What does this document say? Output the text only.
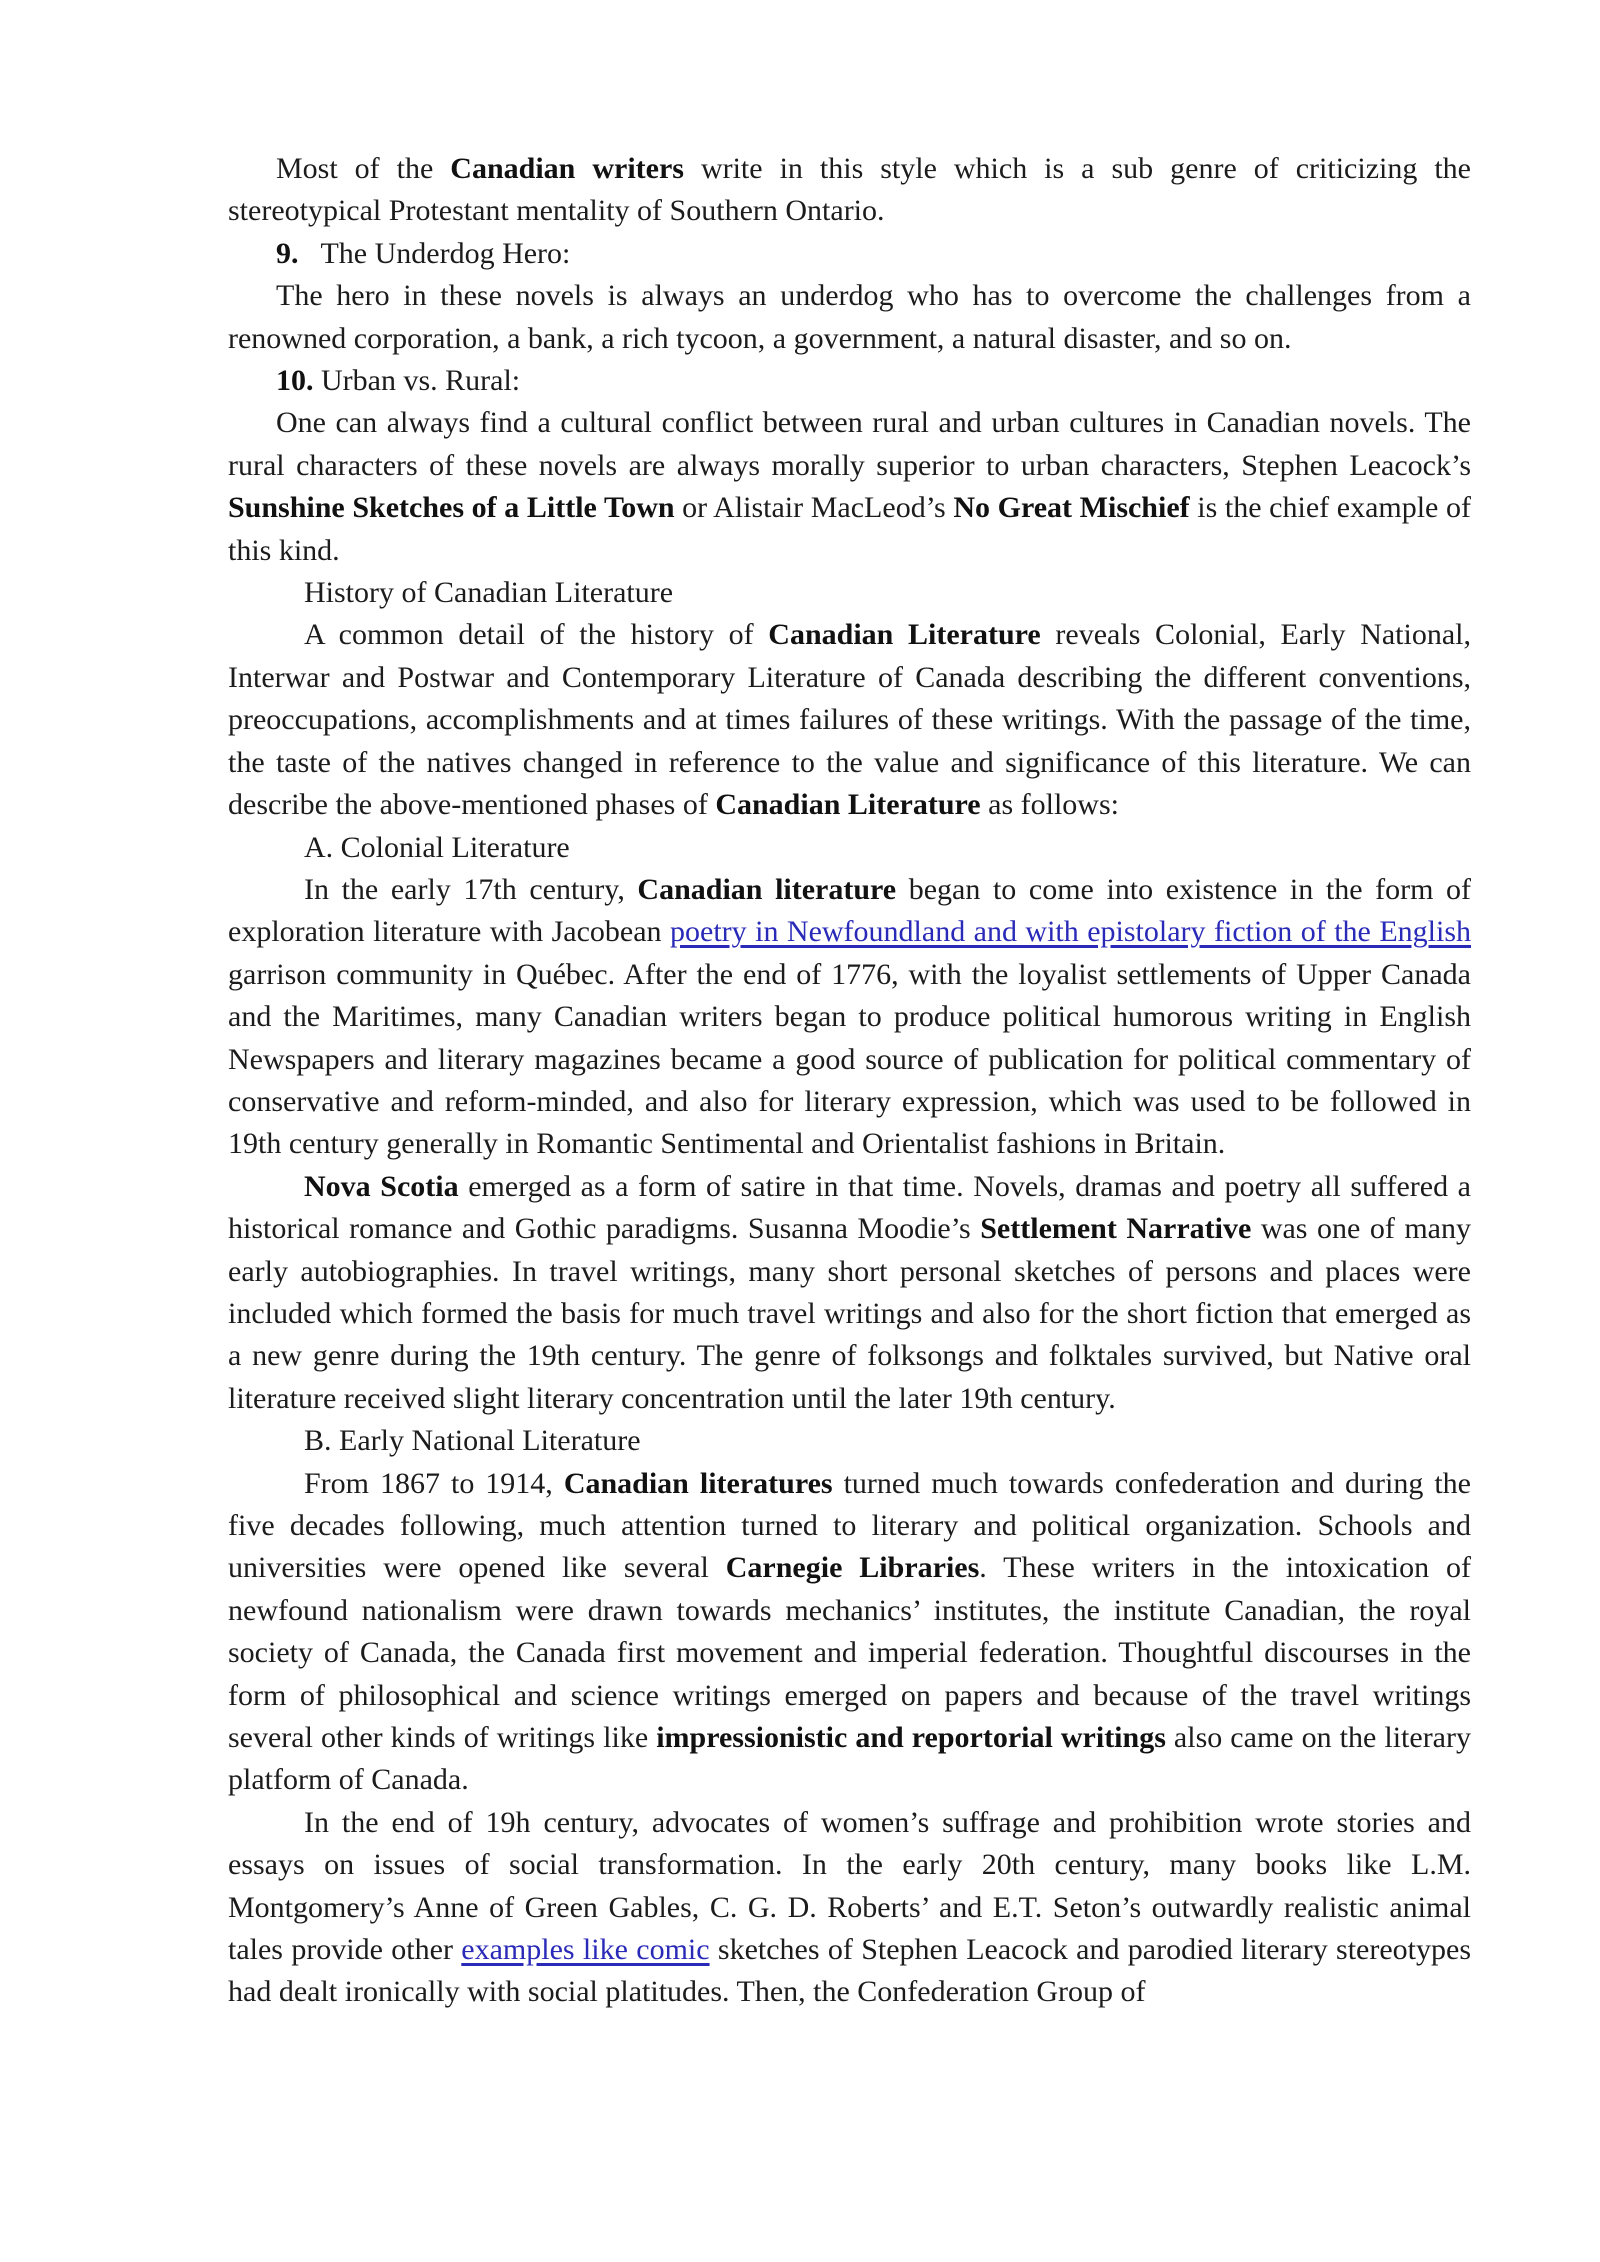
Most of the Canadian writers write in this style which is a sub genre of criticizing the stereotypical Protestant mentality of Southern Ontario.

9. The Underdog Hero:

The hero in these novels is always an underdog who has to overcome the challenges from a renowned corporation, a bank, a rich tycoon, a government, a natural disaster, and so on.

10. Urban vs. Rural:

One can always find a cultural conflict between rural and urban cultures in Canadian novels. The rural characters of these novels are always morally superior to urban characters, Stephen Leacock’s Sunshine Sketches of a Little Town or Alistair MacLeod’s No Great Mischief is the chief example of this kind.

History of Canadian Literature

A common detail of the history of Canadian Literature reveals Colonial, Early National, Interwar and Postwar and Contemporary Literature of Canada describing the different conventions, preoccupations, accomplishments and at times failures of these writings. With the passage of the time, the taste of the natives changed in reference to the value and significance of this literature. We can describe the above-mentioned phases of Canadian Literature as follows:

A. Colonial Literature

In the early 17th century, Canadian literature began to come into existence in the form of exploration literature with Jacobean poetry in Newfoundland and with epistolary fiction of the English garrison community in Québec. After the end of 1776, with the loyalist settlements of Upper Canada and the Maritimes, many Canadian writers began to produce political humorous writing in English Newspapers and literary magazines became a good source of publication for political commentary of conservative and reform-minded, and also for literary expression, which was used to be followed in 19th century generally in Romantic Sentimental and Orientalist fashions in Britain.

Nova Scotia emerged as a form of satire in that time. Novels, dramas and poetry all suffered a historical romance and Gothic paradigms. Susanna Moodie’s Settlement Narrative was one of many early autobiographies. In travel writings, many short personal sketches of persons and places were included which formed the basis for much travel writings and also for the short fiction that emerged as a new genre during the 19th century. The genre of folksongs and folktales survived, but Native oral literature received slight literary concentration until the later 19th century.

B. Early National Literature

From 1867 to 1914, Canadian literatures turned much towards confederation and during the five decades following, much attention turned to literary and political organization. Schools and universities were opened like several Carnegie Libraries. These writers in the intoxication of newfound nationalism were drawn towards mechanics’ institutes, the institute Canadian, the royal society of Canada, the Canada first movement and imperial federation. Thoughtful discourses in the form of philosophical and science writings emerged on papers and because of the travel writings several other kinds of writings like impressionistic and reportorial writings also came on the literary platform of Canada.

In the end of 19h century, advocates of women’s suffrage and prohibition wrote stories and essays on issues of social transformation. In the early 20th century, many books like L.M. Montgomery’s Anne of Green Gables, C. G. D. Roberts’ and E.T. Seton’s outwardly realistic animal tales provide other examples like comic sketches of Stephen Leacock and parodied literary stereotypes had dealt ironically with social platitudes. Then, the Confederation Group of
